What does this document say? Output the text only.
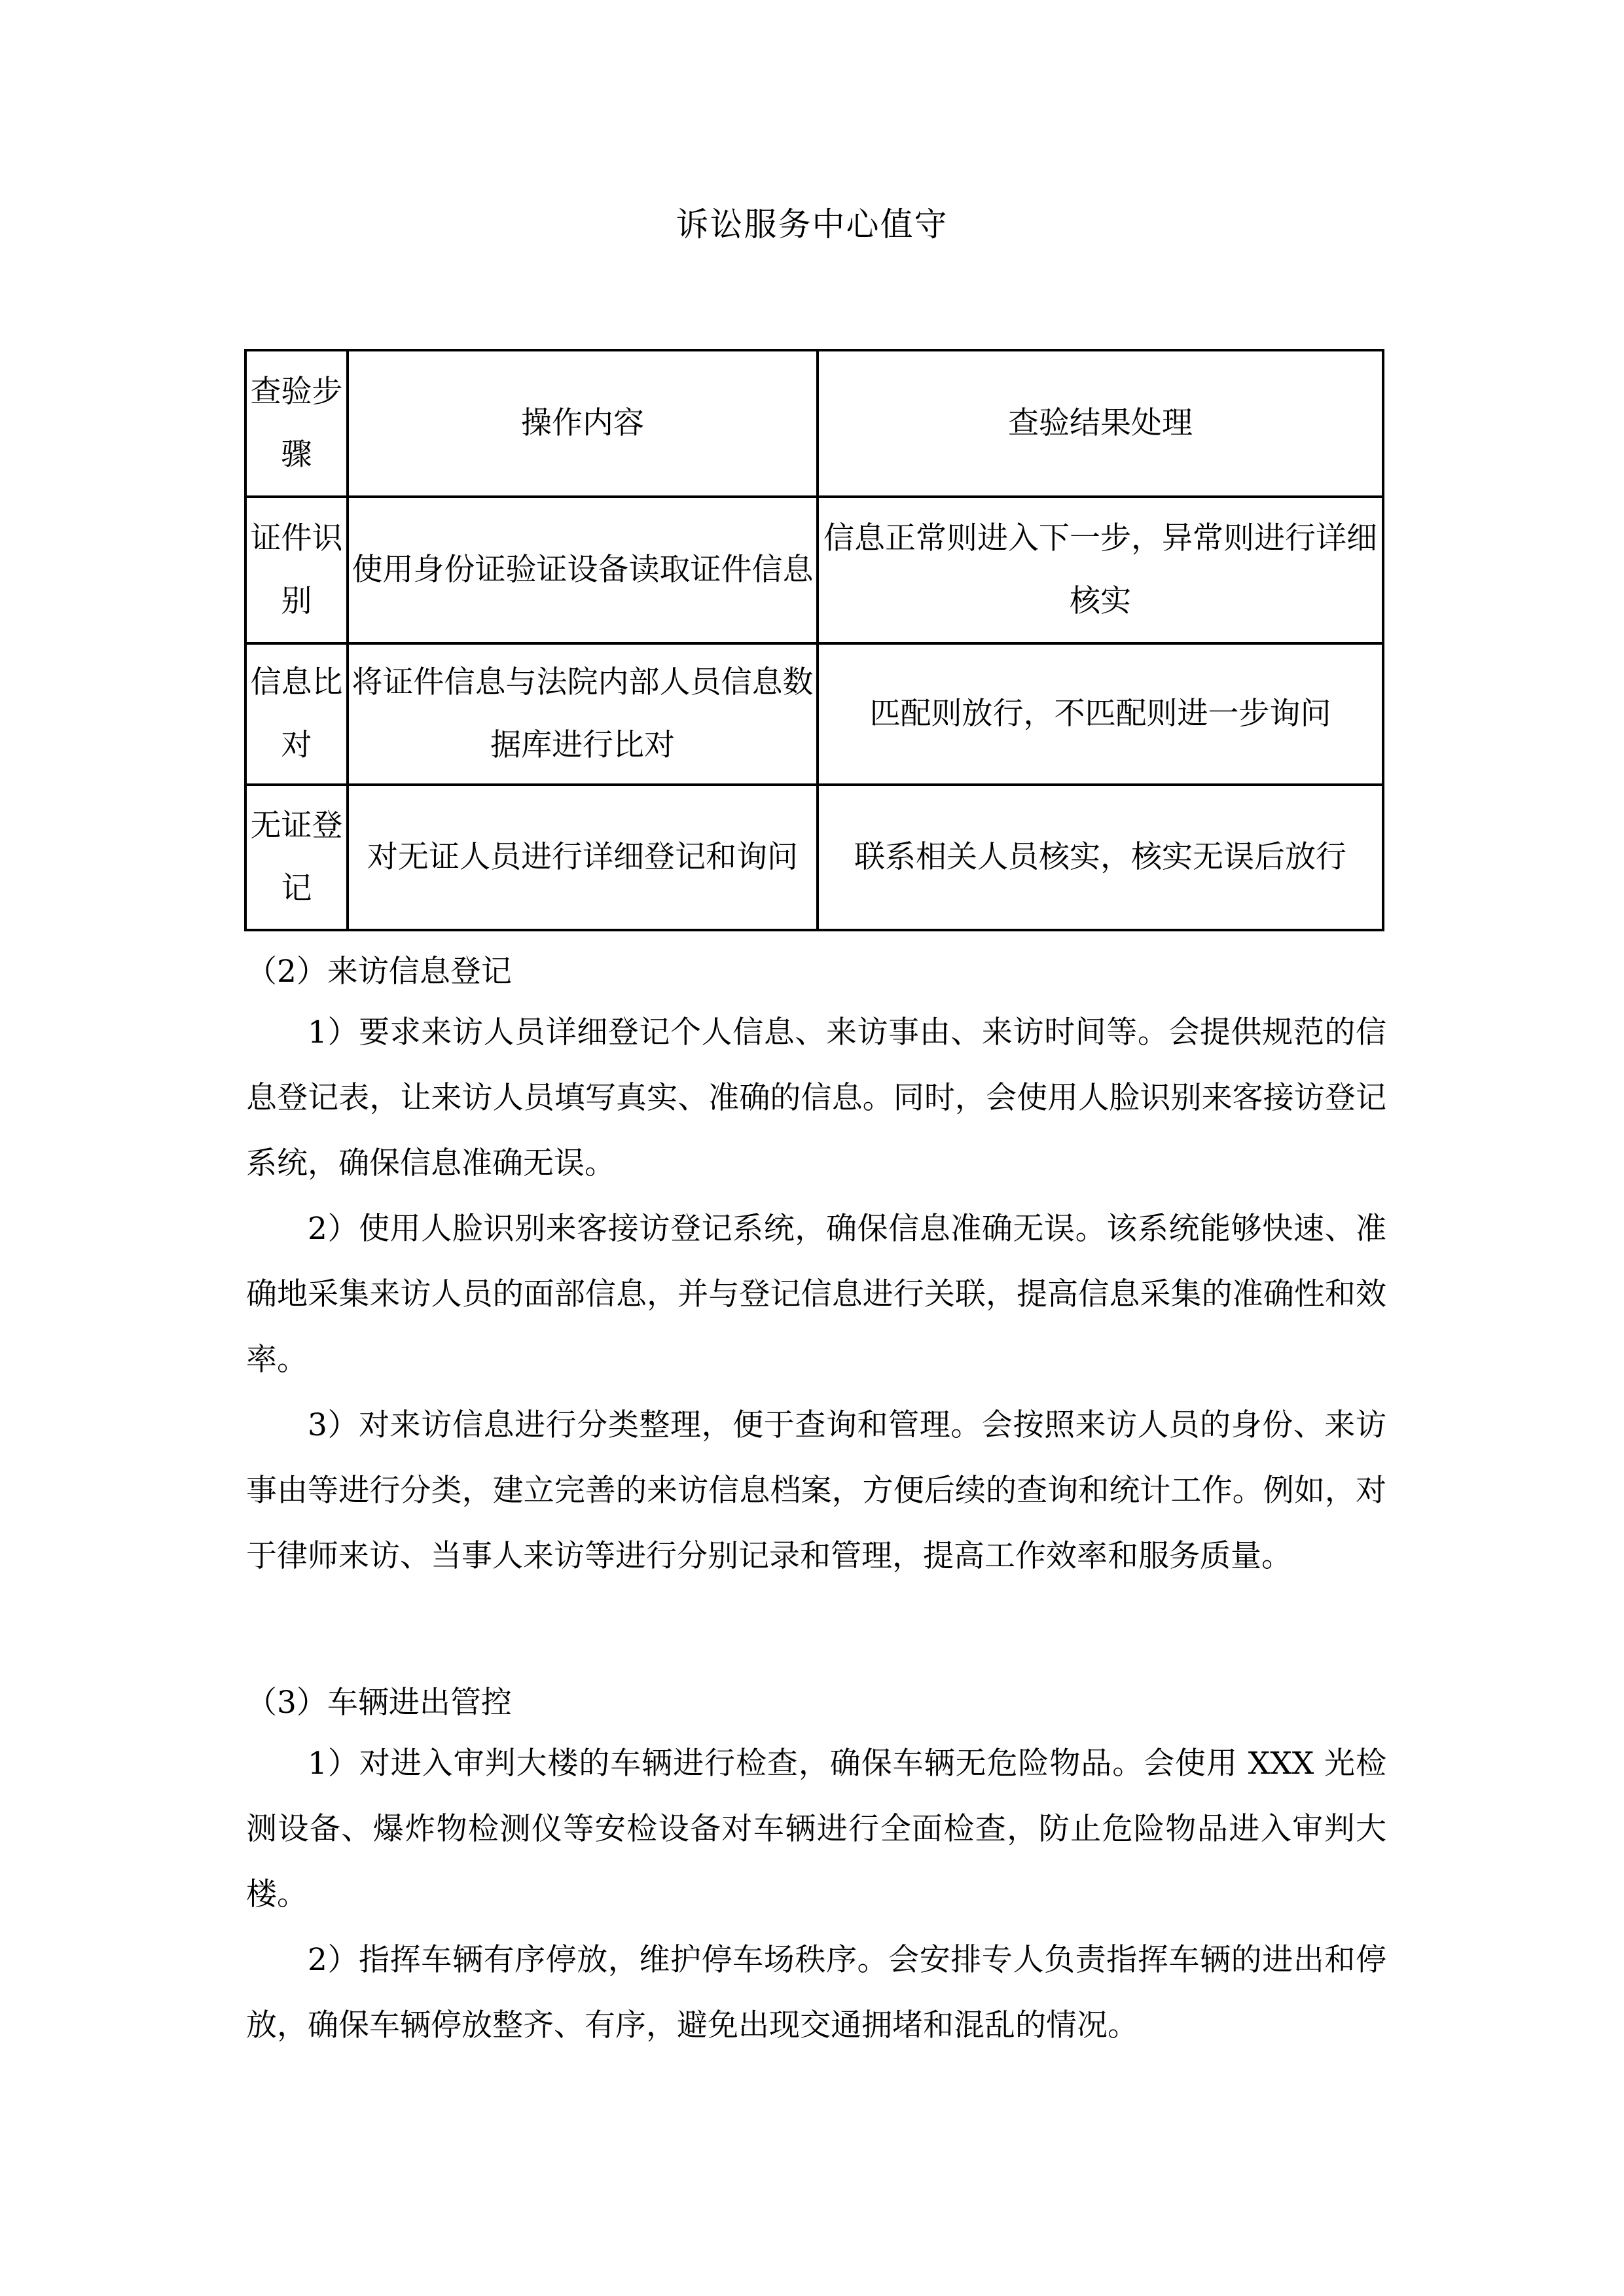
诉讼服务中心值守
查验步骤	操作内容	查验结果处理
证件识别	使用身份证验证设备读取证件信息	信息正常则进入下一步，异常则进行详细核实
信息比对	将证件信息与法院内部人员信息数据库进行比对	匹配则放行，不匹配则进一步询问
无证登记	对无证人员进行详细登记和询问	联系相关人员核实，核实无误后放行
（2）来访信息登记
1）要求来访人员详细登记个人信息、来访事由、来访时间等。会提供规范的信息登记表，让来访人员填写真实、准确的信息。同时，会使用人脸识别来客接访登记系统，确保信息准确无误。
2）使用人脸识别来客接访登记系统，确保信息准确无误。该系统能够快速、准确地采集来访人员的面部信息，并与登记信息进行关联，提高信息采集的准确性和效率。
3）对来访信息进行分类整理，便于查询和管理。会按照来访人员的身份、来访事由等进行分类，建立完善的来访信息档案，方便后续的查询和统计工作。例如，对于律师来访、当事人来访等进行分别记录和管理，提高工作效率和服务质量。
（3）车辆进出管控
1）对进入审判大楼的车辆进行检查，确保车辆无危险物品。会使用 XXX 光检测设备、爆炸物检测仪等安检设备对车辆进行全面检查，防止危险物品进入审判大楼。
2）指挥车辆有序停放，维护停车场秩序。会安排专人负责指挥车辆的进出和停放，确保车辆停放整齐、有序，避免出现交通拥堵和混乱的情况。
